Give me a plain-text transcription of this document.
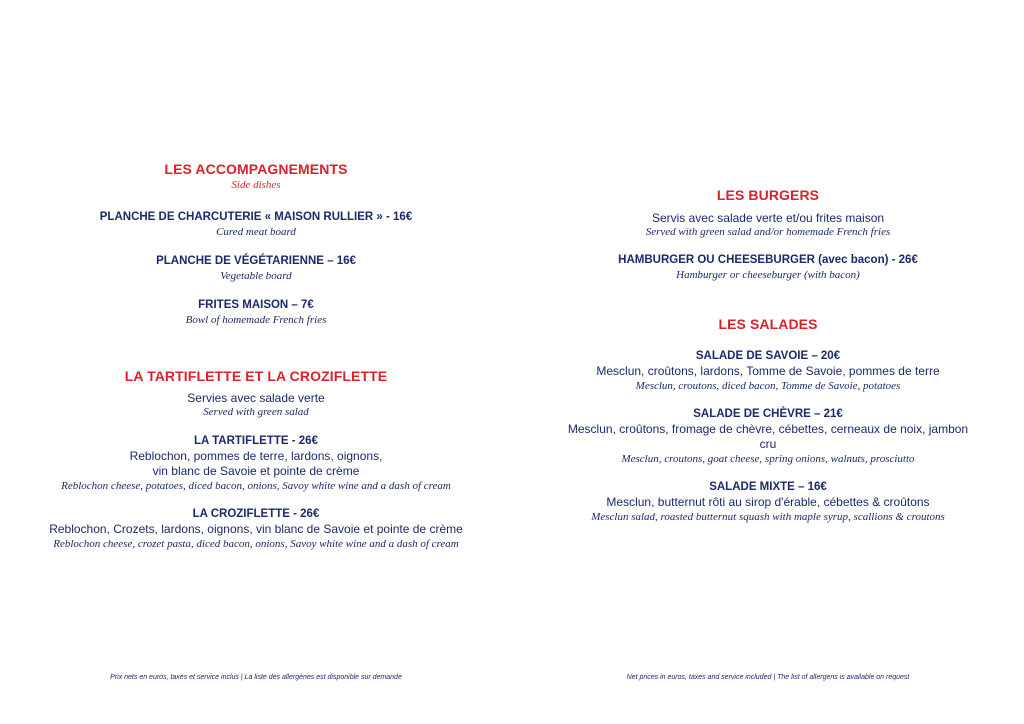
LES ACCOMPAGNEMENTS

Side dishes

PLANCHE DE CHARCUTERIE « MAISON RULLIER » - 16€

Cured meat board

PLANCHE DE VÉGÉTARIENNE – 16€

Vegetable board

FRITES MAISON – 7€

Bowl of homemade French fries

LA TARTIFLETTE ET LA CROZIFLETTE

Servies avec salade verte

Served with green salad

LA TARTIFLETTE - 26€

Reblochon, pommes de terre, lardons, oignons,

vin blanc de Savoie et pointe de crème

Reblochon cheese, potatoes, diced bacon, onions, Savoy white wine and a dash of cream

LA CROZIFLETTE - 26€

Reblochon, Crozets, lardons, oignons, vin blanc de Savoie et pointe de crème

Reblochon cheese, crozet pasta, diced bacon, onions, Savoy white wine and a dash of cream

LES BURGERS

Servis avec salade verte et/ou frites maison

Served with green salad and/or homemade French fries

HAMBURGER OU CHEESEBURGER (avec bacon) - 26€

Hamburger or cheeseburger (with bacon)

LES SALADES

SALADE DE SAVOIE – 20€

Mesclun, croûtons, lardons, Tomme de Savoie, pommes de terre

Mesclun, croutons, diced bacon, Tomme de Savoie, potatoes

SALADE DE CHÈVRE – 21€

Mesclun, croûtons, fromage de chèvre, cébettes, cerneaux de noix, jambon

cru

Mesclun, croutons, goat cheese, spring onions, walnuts, prosciutto

SALADE MIXTE – 16€

Mesclun, butternut rôti au sirop d'érable, cébettes & croûtons

Mesclun salad, roasted butternut squash with maple syrup, scallions & croutons

Prix nets en euros, taxes et service inclus | La liste des allergènes est disponible sur demande	Net prices in euros, taxes and service included | The list of allergens is available on request
